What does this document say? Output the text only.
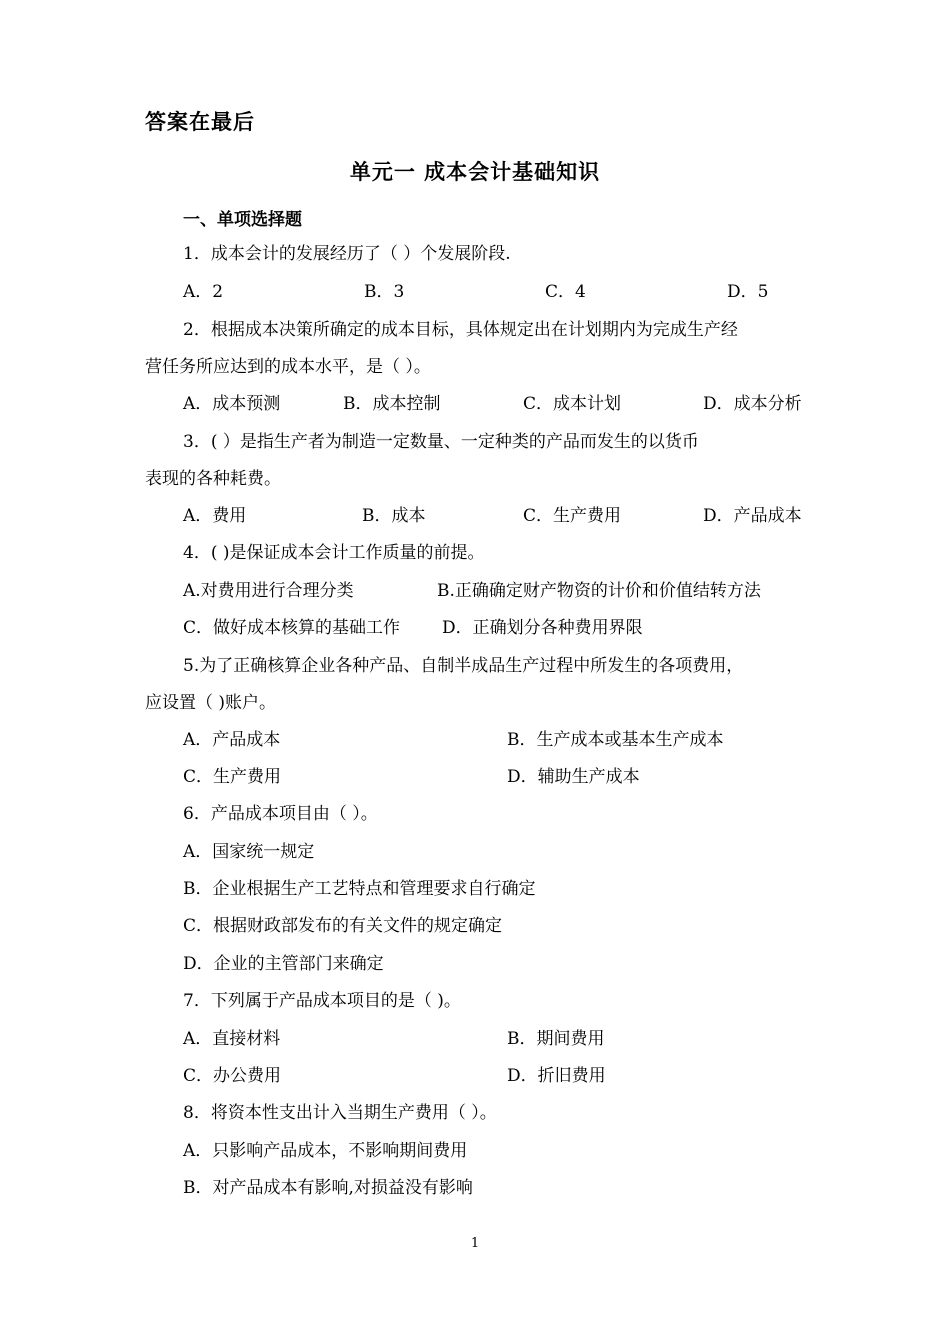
答案在最后
单元一 成本会计基础知识
一、单项选择题
1．成本会计的发展经历了（ ）个发展阶段.
A．2	B．3	C．4	D．5
2．根据成本决策所确定的成本目标，具体规定出在计划期内为完成生产经
营任务所应达到的成本水平，是（ ）。
A．成本预测	B．成本控制	C．成本计划	D．成本分析
3．( ）是指生产者为制造一定数量、一定种类的产品而发生的以货币
表现的各种耗费。
A．费用	B．成本	C．生产费用	D．产品成本
4．( )是保证成本会计工作质量的前提。
A.对费用进行合理分类	B.正确确定财产物资的计价和价值结转方法
C．做好成本核算的基础工作 D．正确划分各种费用界限
5.为了正确核算企业各种产品、自制半成品生产过程中所发生的各项费用，
应设置（ )账户。
A．产品成本	B．生产成本或基本生产成本
C．生产费用	D．辅助生产成本
6．产品成本项目由（ ）。
A．国家统一规定
B．企业根据生产工艺特点和管理要求自行确定
C．根据财政部发布的有关文件的规定确定
D．企业的主管部门来确定
7．下列属于产品成本项目的是（ )。
A．直接材料	B．期间费用
C．办公费用	D．折旧费用
8．将资本性支出计入当期生产费用（ ）。
A．只影响产品成本，不影响期间费用
B．对产品成本有影响,对损益没有影响
1
